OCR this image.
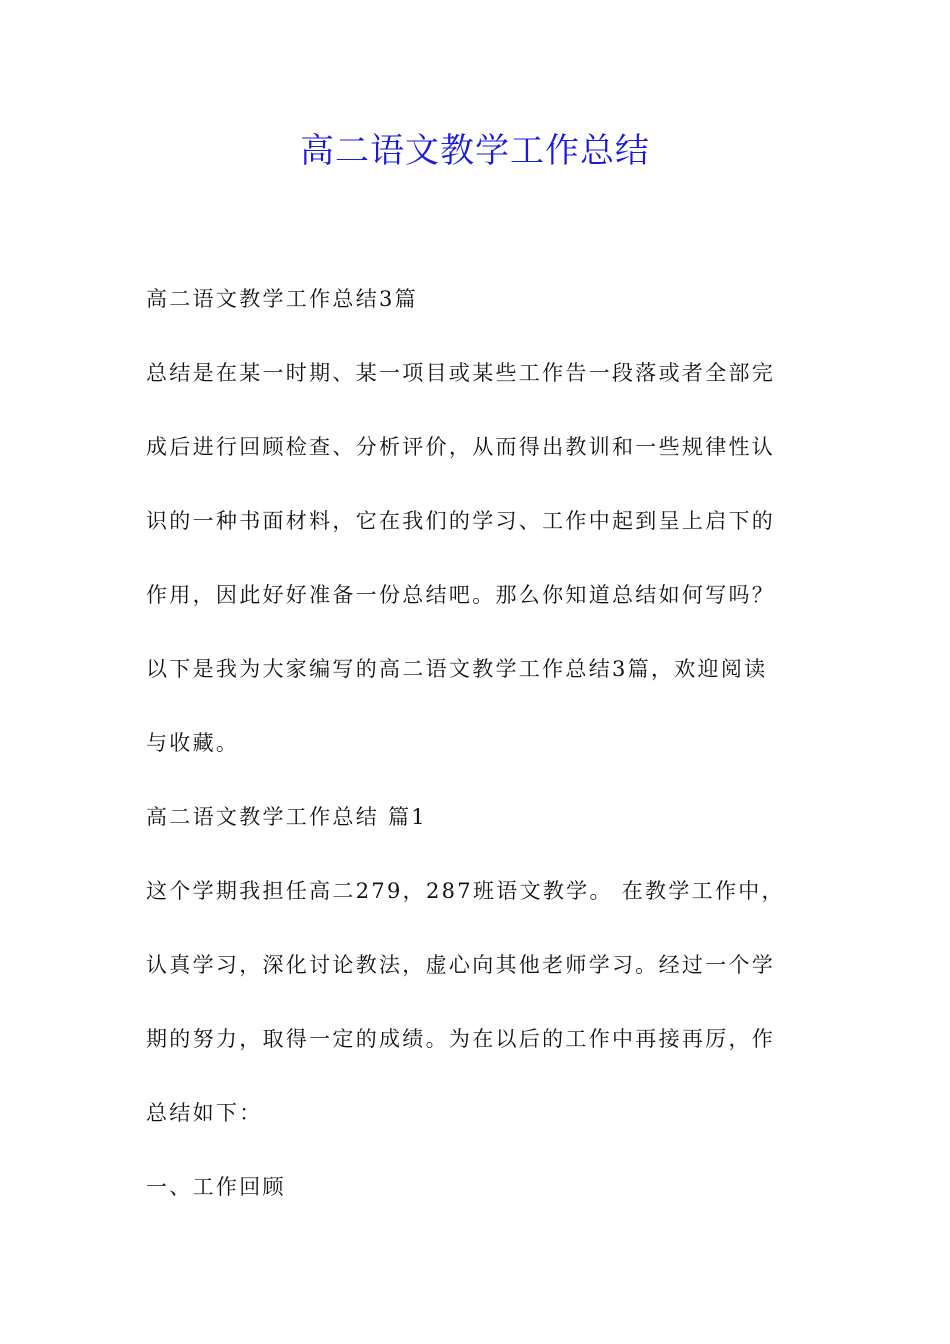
高二语文教学工作总结

高二语文教学工作总结3篇

总结是在某一时期、某一项目或某些工作告一段落或者全部完

成后进行回顾检查、分析评价，从而得出教训和一些规律性认

识的一种书面材料，它在我们的学习、工作中起到呈上启下的

作用，因此好好准备一份总结吧。那么你知道总结如何写吗？

以下是我为大家编写的高二语文教学工作总结3篇，欢迎阅读

与收藏。

高二语文教学工作总结 篇1

这个学期我担任高二279，287班语文教学。 在教学工作中，

认真学习，深化讨论教法，虚心向其他老师学习。经过一个学

期的努力，取得一定的成绩。为在以后的工作中再接再厉，作

总结如下：

一、工作回顾
